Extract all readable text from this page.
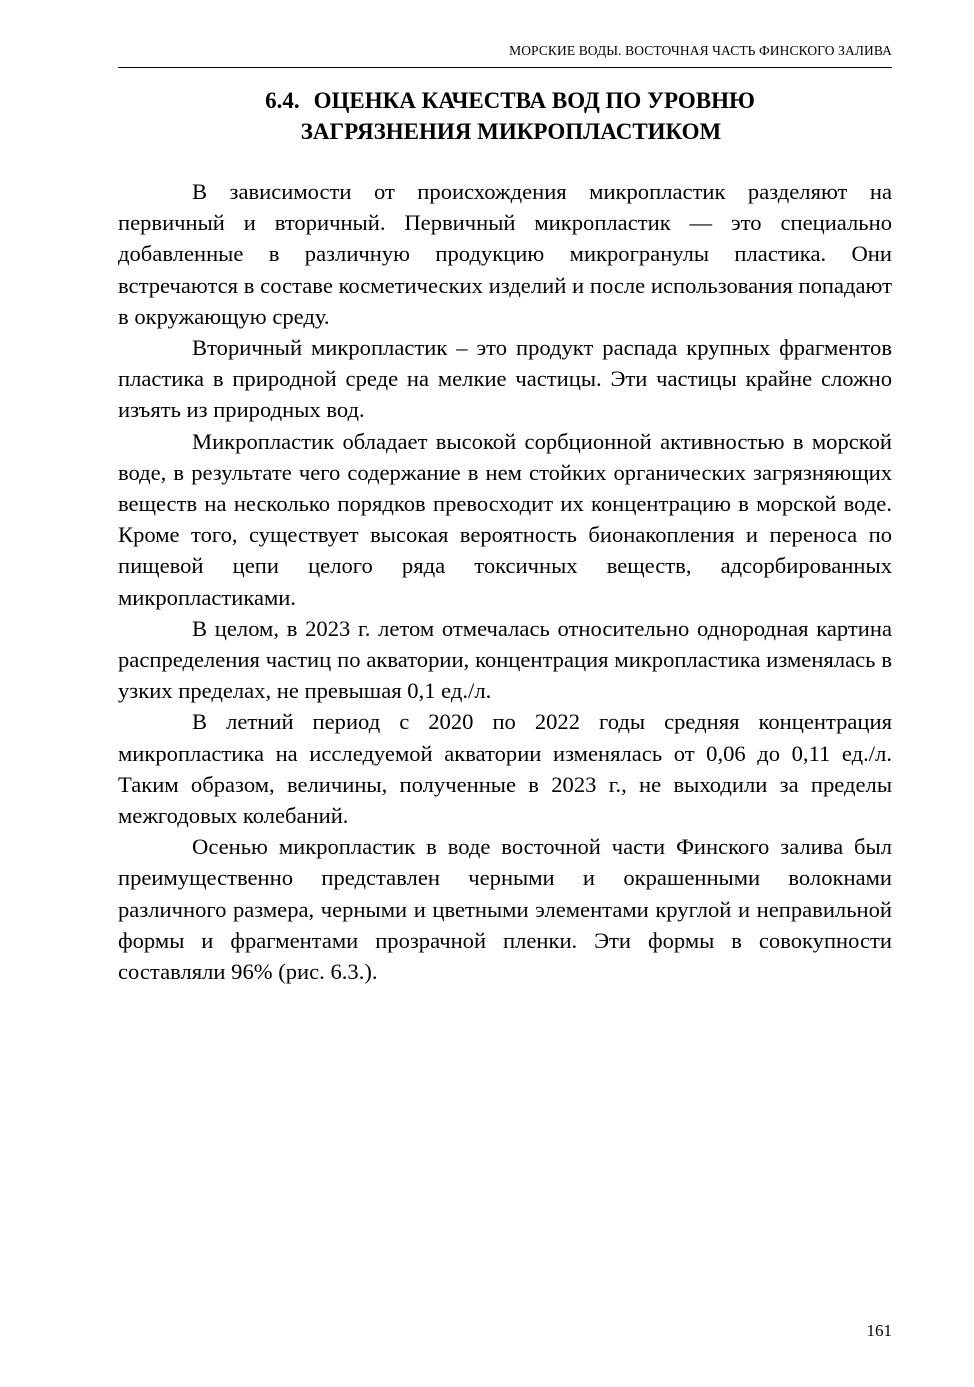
МОРСКИЕ ВОДЫ. ВОСТОЧНАЯ ЧАСТЬ ФИНСКОГО ЗАЛИВА
6.4. ОЦЕНКА КАЧЕСТВА ВОД ПО УРОВНЮ
ЗАГРЯЗНЕНИЯ МИКРОПЛАСТИКОМ

В зависимости от происхождения микропластик разделяют на первичный и вторичный. Первичный микропластик — это специально добавленные в различную продукцию микрогранулы пластика. Они встречаются в составе косметических изделий и после использования попадают в окружающую среду.

Вторичный микропластик – это продукт распада крупных фрагментов пластика в природной среде на мелкие частицы. Эти частицы крайне сложно изъять из природных вод.

Микропластик обладает высокой сорбционной активностью в морской воде, в результате чего содержание в нем стойких органических загрязняющих веществ на несколько порядков превосходит их концентрацию в морской воде. Кроме того, существует высокая вероятность бионакопления и переноса по пищевой цепи целого ряда токсичных веществ, адсорбированных микропластиками.

В целом, в 2023 г. летом отмечалась относительно однородная картина распределения частиц по акватории, концентрация микропластика изменялась в узких пределах, не превышая 0,1 ед./л.

В летний период с 2020 по 2022 годы средняя концентрация микропластика на исследуемой акватории изменялась от 0,06 до 0,11 ед./л. Таким образом, величины, полученные в 2023 г., не выходили за пределы межгодовых колебаний.

Осенью микропластик в воде восточной части Финского залива был преимущественно представлен черными и окрашенными волокнами различного размера, черными и цветными элементами круглой и неправильной формы и фрагментами прозрачной пленки. Эти формы в совокупности составляли 96% (рис. 6.3.).

161
